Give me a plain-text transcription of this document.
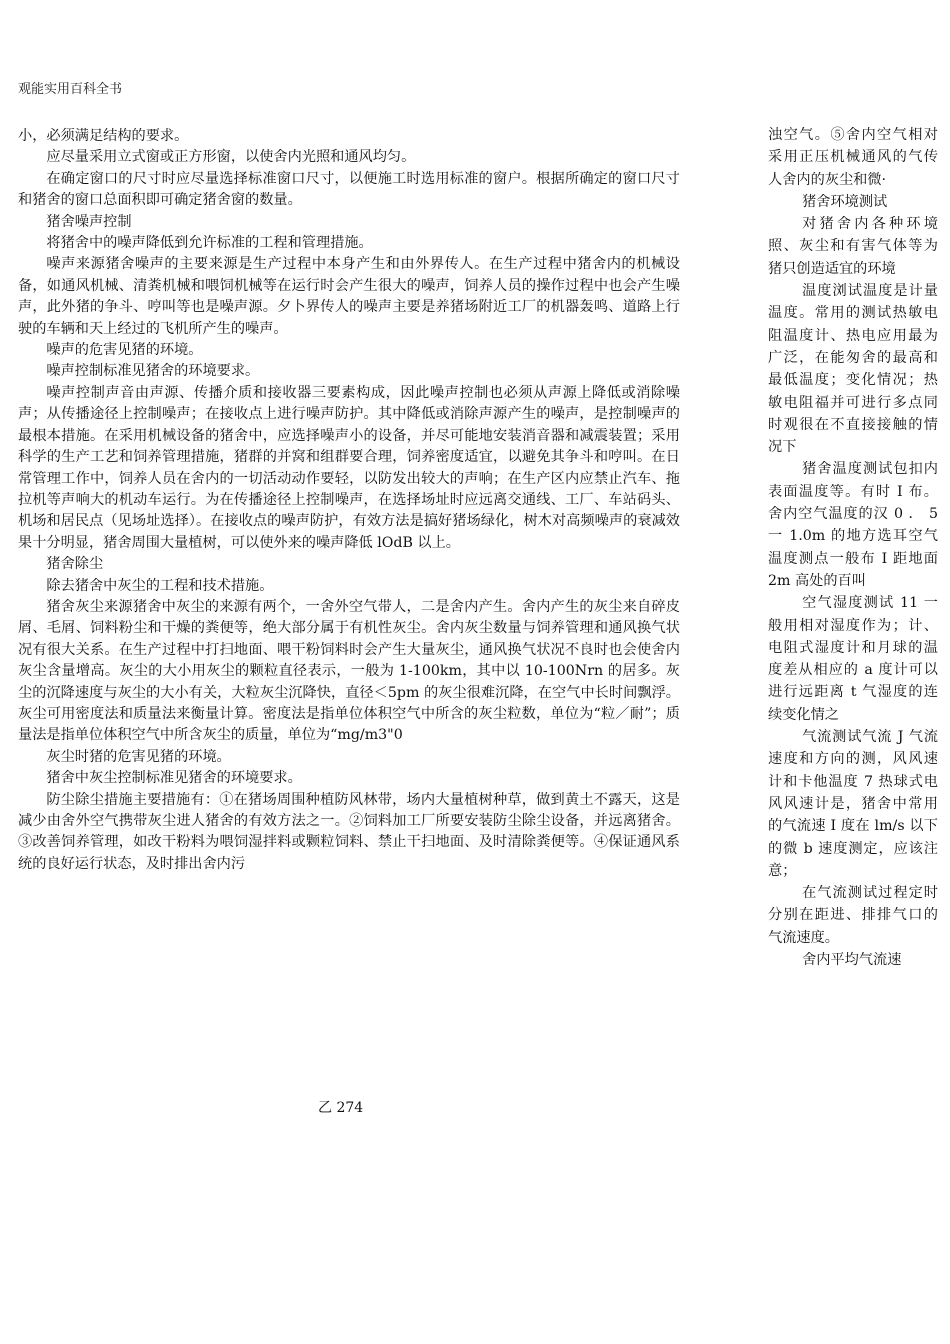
观能实用百科全书

小，必须满足结构的要求。

应尽量采用立式窗或正方形窗，以使舍内光照和通风均匀。

在确定窗口的尺寸时应尽量选择标准窗口尺寸，以便施工时选用标准的窗户。根据所确定的窗口尺寸和猪舍的窗口总面积即可确定猪舍窗的数量。

猪舍噪声控制

将猪舍中的噪声降低到允许标准的工程和管理措施。

噪声来源猪舍噪声的主要来源是生产过程中本身产生和由外界传人。在生产过程中猪舍内的机械设备，如通风机械、清粪机械和喂饲机械等在运行时会产生很大的噪声，饲养人员的操作过程中也会产生噪声，此外猪的争斗、哼叫等也是噪声源。夕卜界传人的噪声主要是养猪场附近工厂的机器轰鸣、道路上行驶的车辆和天上经过的飞机所产生的噪声。

噪声的危害见猪的环境。

噪声控制标准见猪舍的环境要求。

噪声控制声音由声源、传播介质和接收器三要素构成，因此噪声控制也必须从声源上降低或消除噪声；从传播途径上控制噪声；在接收点上进行噪声防护。其中降低或消除声源产生的噪声，是控制噪声的最根本措施。在采用机械设备的猪舍中，应选择噪声小的设备，并尽可能地安装消音器和减震装置；采用科学的生产工艺和饲养管理措施，猪群的并窝和组群要合理，饲养密度适宜，以避免其争斗和哼叫。在日常管理工作中，饲养人员在舍内的一切活动动作要轻，以防发出较大的声响；在生产区内应禁止汽车、拖拉机等声响大的机动车运行。为在传播途径上控制噪声，在选择场址时应远离交通线、工厂、车站码头、机场和居民点（见场址选择）。在接收点的噪声防护，有效方法是搞好猪场绿化，树木对高频噪声的衰减效果十分明显，猪舍周围大量植树，可以使外来的噪声降低 lOdB 以上。

猪舍除尘

除去猪舍中灰尘的工程和技术措施。

猪舍灰尘来源猪舍中灰尘的来源有两个，一舍外空气带人，二是舍内产生。舍内产生的灰尘来自碎皮屑、毛屑、饲料粉尘和干燥的粪便等，绝大部分属于有机性灰尘。舍内灰尘数量与饲养管理和通风换气状况有很大关系。在生产过程中打扫地面、喂干粉饲料时会产生大量灰尘，通风换气状况不良时也会使舍内灰尘含量增高。灰尘的大小用灰尘的颗粒直径表示，一般为 1-100km，其中以 10-100Nrn 的居多。灰尘的沉降速度与灰尘的大小有关，大粒灰尘沉降快，直径＜5pm 的灰尘很难沉降，在空气中长时间飘浮。灰尘可用密度法和质量法来衡量计算。密度法是指单位体积空气中所含的灰尘粒数，单位为“粒／耐”；质量法是指单位体积空气中所含灰尘的质量，单位为“mg/m3"0

灰尘时猪的危害见猪的环境。

猪舍中灰尘控制标准见猪舍的环境要求。

防尘除尘措施主要措施有：①在猪场周围种植防风林带，场内大量植树种草，做到黄土不露天，这是减少由舍外空气携带灰尘进人猪舍的有效方法之一。②饲料加工厂所要安装防尘除尘设备，并远离猪舍。③改善饲养管理，如改干粉料为喂饲湿拌料或颗粒饲料、禁止干扫地面、及时清除粪便等。④保证通风系统的良好运行状态，及时排出舍内污

浊空气。⑤舍内空气相对采用正压机械通风的气传人舍内的灰尘和微·

猪舍环境测试

对猪舍内各种环境照、灰尘和有害气体等为猪只创造适宜的环境

温度浏试温度是计量温度。常用的测试热敏电阻温度计、热电应用最为广泛，在能匆舍的最高和最低温度；变化情况；热敏电阻福并可进行多点同时观很在不直接接触的情况下

猪舍温度测试包扣内表面温度等。有时 I 布。舍内空气温度的汉 0 ． 5 一 1.0m 的地方选耳空气温度测点一般布 I 距地面 2m 高处的百叫

空气湿度测试 11 一般用相对湿度作为；计、电阻式湿度计和月球的温度差从相应的 a 度计可以进行远距离 t 气湿度的连续变化情之

气流测试气流 J 气流速度和方向的测，风风速计和卡他温度 7 热球式电风风速计是，猪舍中常用的气流速 I 度在 lm/s 以下的微 b 速度测定，应该注意；

在气流测试过程定时分别在距进、排排气口的气流速度。

舍内平均气流速

乙 274
